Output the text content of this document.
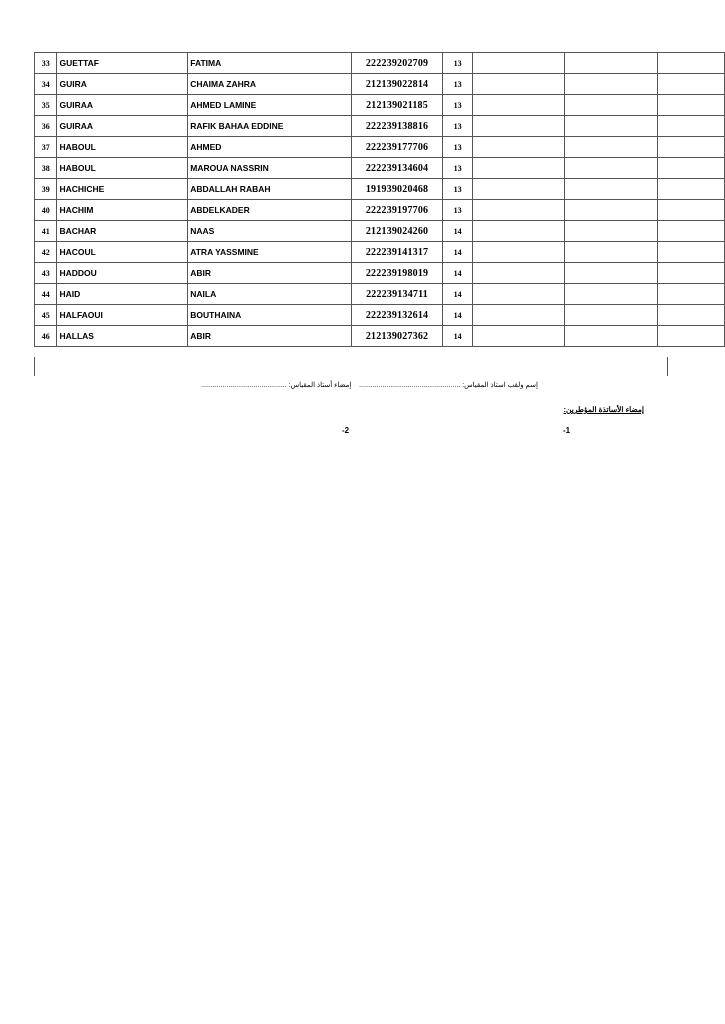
33	GUETTAF	FATIMA	222239202709	13			
34	GUIRA	CHAIMA ZAHRA	212139022814	13			
35	GUIRAA	AHMED LAMINE	212139021185	13			
36	GUIRAA	RAFIK BAHAA EDDINE	222239138816	13			
37	HABOUL	AHMED	222239177706	13			
38	HABOUL	MAROUA NASSRIN	222239134604	13			
39	HACHICHE	ABDALLAH RABAH	191939020468	13			
40	HACHIM	ABDELKADER	222239197706	13			
41	BACHAR	NAAS	212139024260	14			
42	HACOUL	ATRA YASSMINE	222239141317	14			
43	HADDOU	ABIR	222239198019	14			
44	HAID	NAILA	222239134711	14			
45	HALFAOUI	BOUTHAINA	222239132614	14			
46	HALLAS	ABIR	212139027362	14			
إسم ولقب استاذ المقياس: ....................................................    إمضاء أستاذ المقياس: ............................................
إمضاء الأساتذة المؤطرين:
-2	-1
